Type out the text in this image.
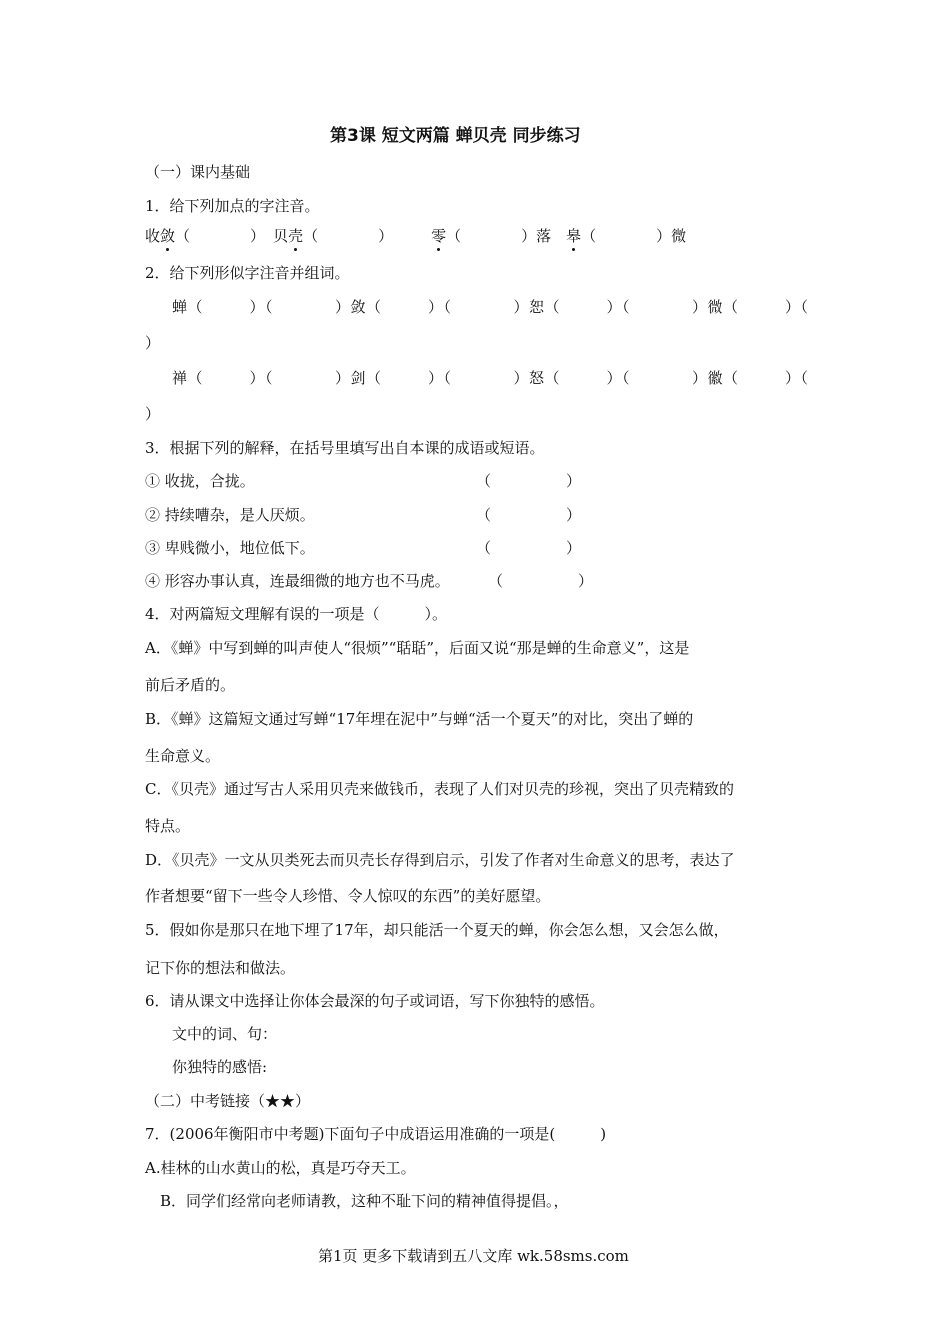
第3课 短文两篇 蝉贝壳 同步练习
（一）课内基础
1．给下列加点的字注音。
收敛（　　　　） 贝壳（　　　　）	零（　　　　）落　皋（　　　　）微
2．给下列形似字注音并组词。
蝉（　　　）（　　　　）敛（　　　）（　　　　）恕（　　　）（　　　　）微（　　　）（
）
禅（　　　）（　　　　）剑（　　　）（　　　　）怒（　　　）（　　　　）徽（　　　）（
）
3．根据下列的解释，在括号里填写出自本课的成语或短语。
① 收拢，合拢。	（　　　　　）
② 持续嘈杂，是人厌烦。	（　　　　　）
③ 卑贱微小，地位低下。	（　　　　　）
④ 形容办事认真，连最细微的地方也不马虎。	（　　　　　）
4．对两篇短文理解有误的一项是（　　　）。
A．《蝉》中写到蝉的叫声使人“很烦”“聒聒”，后面又说“那是蝉的生命意义”，这是
前后矛盾的。
B．《蝉》这篇短文通过写蝉“17年埋在泥中”与蝉“活一个夏天”的对比，突出了蝉的
生命意义。
C．《贝壳》通过写古人采用贝壳来做钱币，表现了人们对贝壳的珍视，突出了贝壳精致的
特点。
D．《贝壳》一文从贝类死去而贝壳长存得到启示，引发了作者对生命意义的思考，表达了
作者想要“留下一些令人珍惜、令人惊叹的东西”的美好愿望。
5．假如你是那只在地下埋了17年，却只能活一个夏天的蝉，你会怎么想，又会怎么做，
记下你的想法和做法。
6．请从课文中选择让你体会最深的句子或词语，写下你独特的感悟。
文中的词、句：
你独特的感悟:
（二）中考链接（★★）
7．(2006年衡阳市中考题)下面句子中成语运用准确的一项是(　　　)
A.桂林的山水黄山的松，真是巧夺天工。
B．同学们经常向老师请教，这种不耻下问的精神值得提倡。，
第1页 更多下载请到五八文库 wk.58sms.com
